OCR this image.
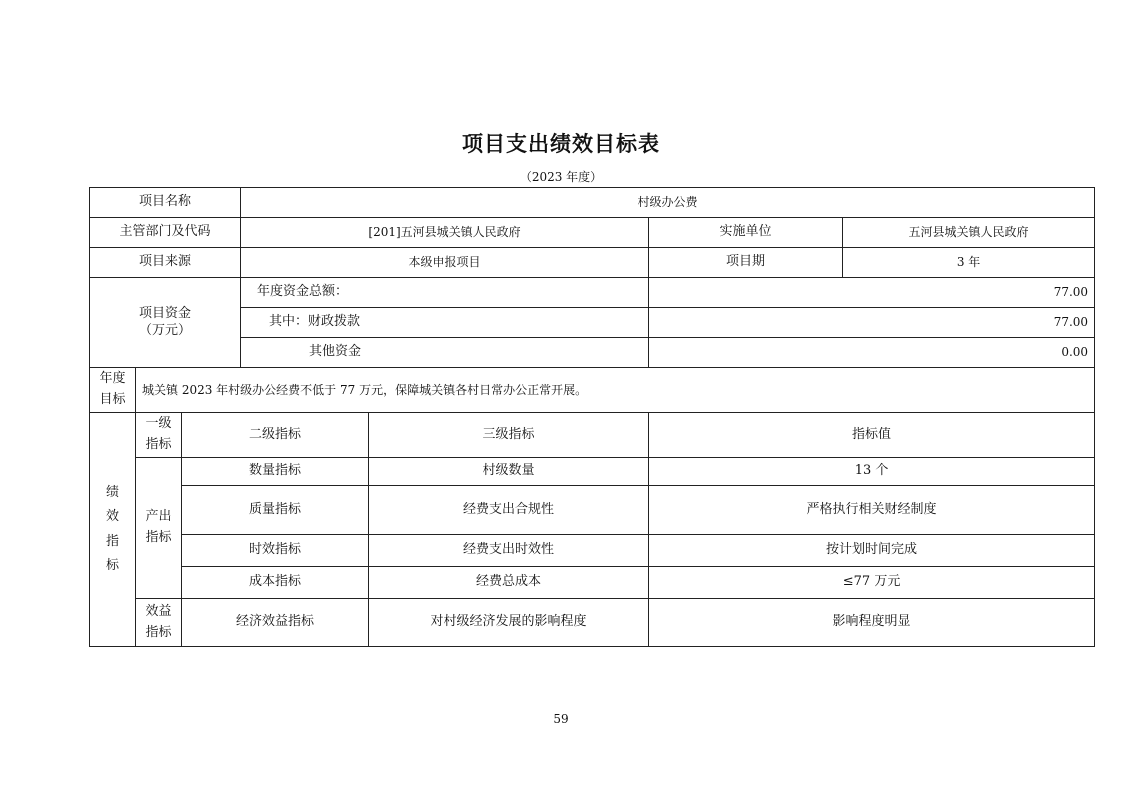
项目支出绩效目标表
（2023 年度）
项目名称			村级办公费			
主管部门及代码			[201]五河县城关镇人民政府		实施单位	五河县城关镇人民政府
项目来源			本级申报项目		项目期	3 年

项目资金
（万元）			年度资金总额：		77.00	
			其中：财政拨款		77.00	
			其他资金		0.00	
年度目标	城关镇 2023 年村级办公经费不低于 77 万元，保障城关镇各村日常办公正常开展。					
绩效指标	一级指标	二级指标		三级指标	指标值	
	产出指标	数量指标		村级数量	13 个	
		质量指标		经费支出合规性	严格执行相关财经制度	
		时效指标		经费支出时效性	按计划时间完成	
		成本指标		经费总成本	≤77 万元	
	效益指标	经济效益指标		对村级经济发展的影响程度	影响程度明显	
59
